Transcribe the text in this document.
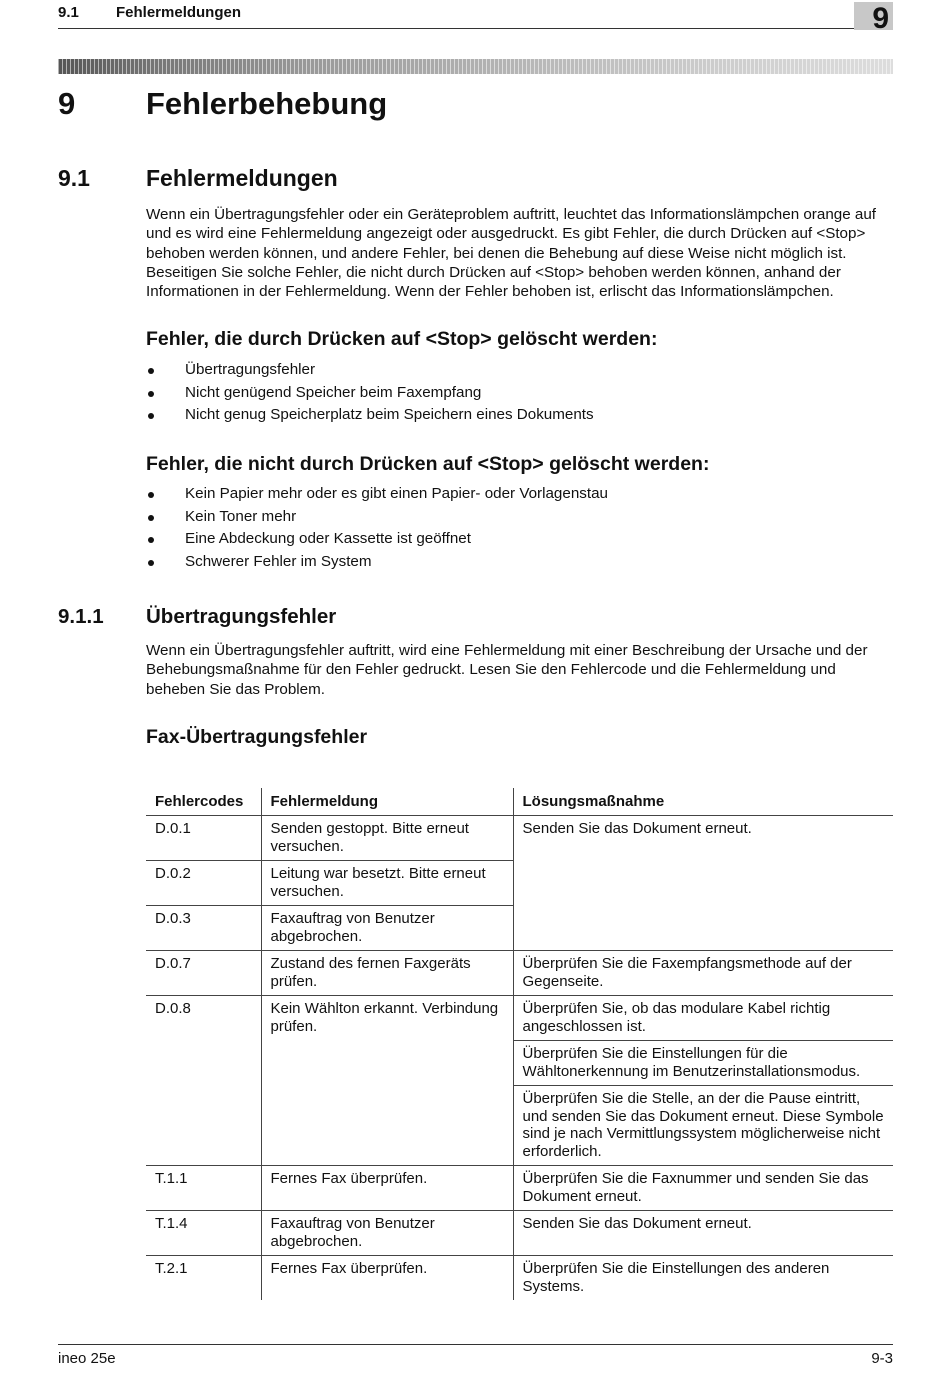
9.1 Fehlermeldungen	9
9 Fehlerbehebung
9.1 Fehlermeldungen

Wenn ein Übertragungsfehler oder ein Geräteproblem auftritt, leuchtet das Informationslämpchen orange auf und es wird eine Fehlermeldung angezeigt oder ausgedruckt. Es gibt Fehler, die durch Drücken auf <Stop> behoben werden können, und andere Fehler, bei denen die Behebung auf diese Weise nicht möglich ist. Beseitigen Sie solche Fehler, die nicht durch Drücken auf <Stop> behoben werden können, anhand der Informationen in der Fehlermeldung. Wenn der Fehler behoben ist, erlischt das Informationslämpchen.

Fehler, die durch Drücken auf <Stop> gelöscht werden:
Übertragungsfehler
Nicht genügend Speicher beim Faxempfang
Nicht genug Speicherplatz beim Speichern eines Dokuments
Fehler, die nicht durch Drücken auf <Stop> gelöscht werden:
Kein Papier mehr oder es gibt einen Papier- oder Vorlagenstau
Kein Toner mehr
Eine Abdeckung oder Kassette ist geöffnet
Schwerer Fehler im System
9.1.1 Übertragungsfehler

Wenn ein Übertragungsfehler auftritt, wird eine Fehlermeldung mit einer Beschreibung der Ursache und der Behebungsmaßnahme für den Fehler gedruckt. Lesen Sie den Fehlercode und die Fehlermeldung und beheben Sie das Problem.

Fax-Übertragungsfehler
Fehlercodes	Fehlermeldung	Lösungsmaßnahme
D.0.1	Senden gestoppt. Bitte erneut versuchen.	Senden Sie das Dokument erneut.
D.0.2	Leitung war besetzt. Bitte erneut versuchen.	
D.0.3	Faxauftrag von Benutzer abgebrochen.	
D.0.7	Zustand des fernen Faxgeräts prüfen.	Überprüfen Sie die Faxempfangsmethode auf der Gegenseite.
D.0.8	Kein Wählton erkannt. Verbindung prüfen.	Überprüfen Sie, ob das modulare Kabel richtig angeschlossen ist.
		Überprüfen Sie die Einstellungen für die Wähltonerkennung im Benutzerinstallationsmodus.
		Überprüfen Sie die Stelle, an der die Pause eintritt, und senden Sie das Dokument erneut. Diese Symbole sind je nach Vermittlungssystem möglicherweise nicht erforderlich.
T.1.1	Fernes Fax überprüfen.	Überprüfen Sie die Faxnummer und senden Sie das Dokument erneut.
T.1.4	Faxauftrag von Benutzer abgebrochen.	Senden Sie das Dokument erneut.
T.2.1	Fernes Fax überprüfen.	Überprüfen Sie die Einstellungen des anderen Systems.
ineo 25e	9-3
